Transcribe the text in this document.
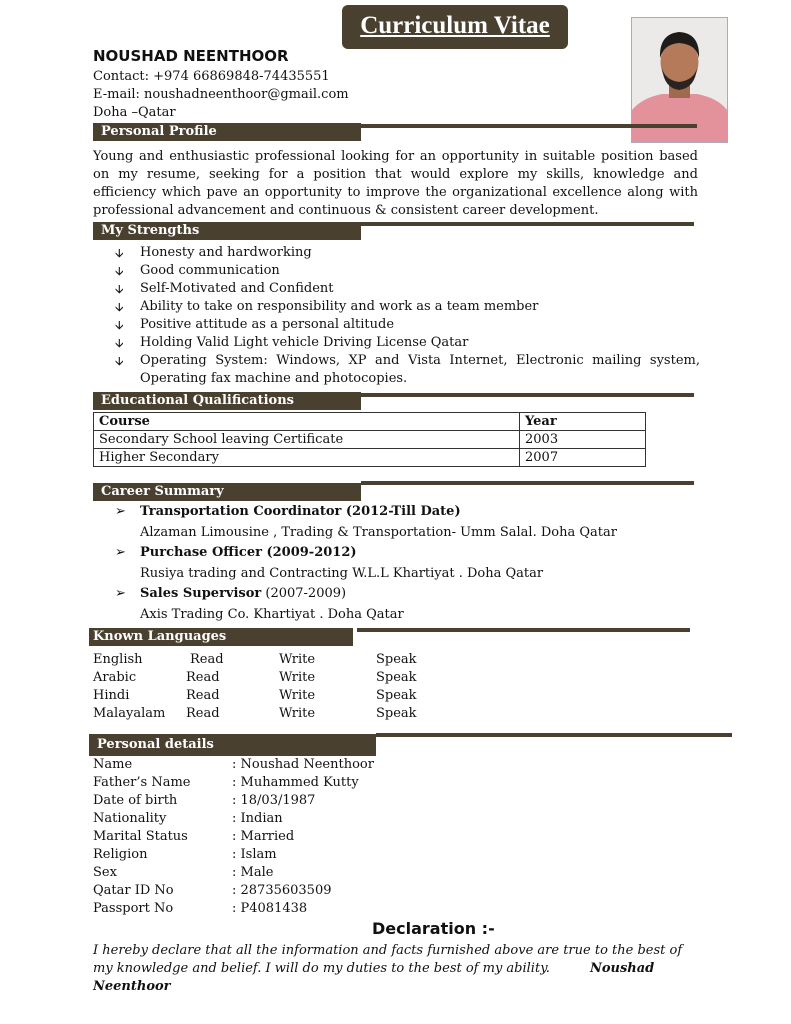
Curriculum Vitae
NOUSHAD NEENTHOOR
Contact: +974 66869848-74435551
E-mail: noushadneenthoor@gmail.com
Doha –Qatar
Personal Profile
Young and enthusiastic professional looking for an opportunity in suitable position based on my resume, seeking for a position that would explore my skills, knowledge and efficiency which pave an opportunity to improve the organizational excellence along with professional advancement and continuous & consistent career development.
My Strengths
🡫 Honesty and hardworking
🡫 Good communication
🡫 Self-Motivated and Confident
🡫 Ability to take on responsibility and work as a team member
🡫 Positive attitude as a personal altitude
🡫 Holding Valid Light vehicle Driving License Qatar
🡫 Operating System: Windows, XP and Vista Internet, Electronic mailing system, Operating fax machine and photocopies.
Educational Qualifications
Course	Year
Secondary School leaving Certificate	2003
Higher Secondary	2007
Career Summary
➢ Transportation Coordinator (2012-Till Date)
Alzaman Limousine , Trading & Transportation- Umm Salal. Doha Qatar
➢ Purchase Officer (2009-2012)
Rusiya trading and Contracting W.L.L Khartiyat . Doha Qatar
➢ Sales Supervisor (2007-2009)
Axis Trading Co. Khartiyat . Doha Qatar
Known Languages
English	Read	Write	Speak
Arabic	Read	Write	Speak
Hindi	Read	Write	Speak
Malayalam Read	Write	Speak
Personal details
Name	: Noushad Neenthoor
Father’s Name	: Muhammed Kutty
Date of birth	: 18/03/1987
Nationality	: Indian
Marital Status	: Married
Religion	: Islam
Sex	: Male
Qatar ID No	: 28735603509
Passport No	: P4081438
Declaration :-
I hereby declare that all the information and facts furnished above are true to the best of my knowledge and belief. I will do my duties to the best of my ability.	Noushad Neenthoor
